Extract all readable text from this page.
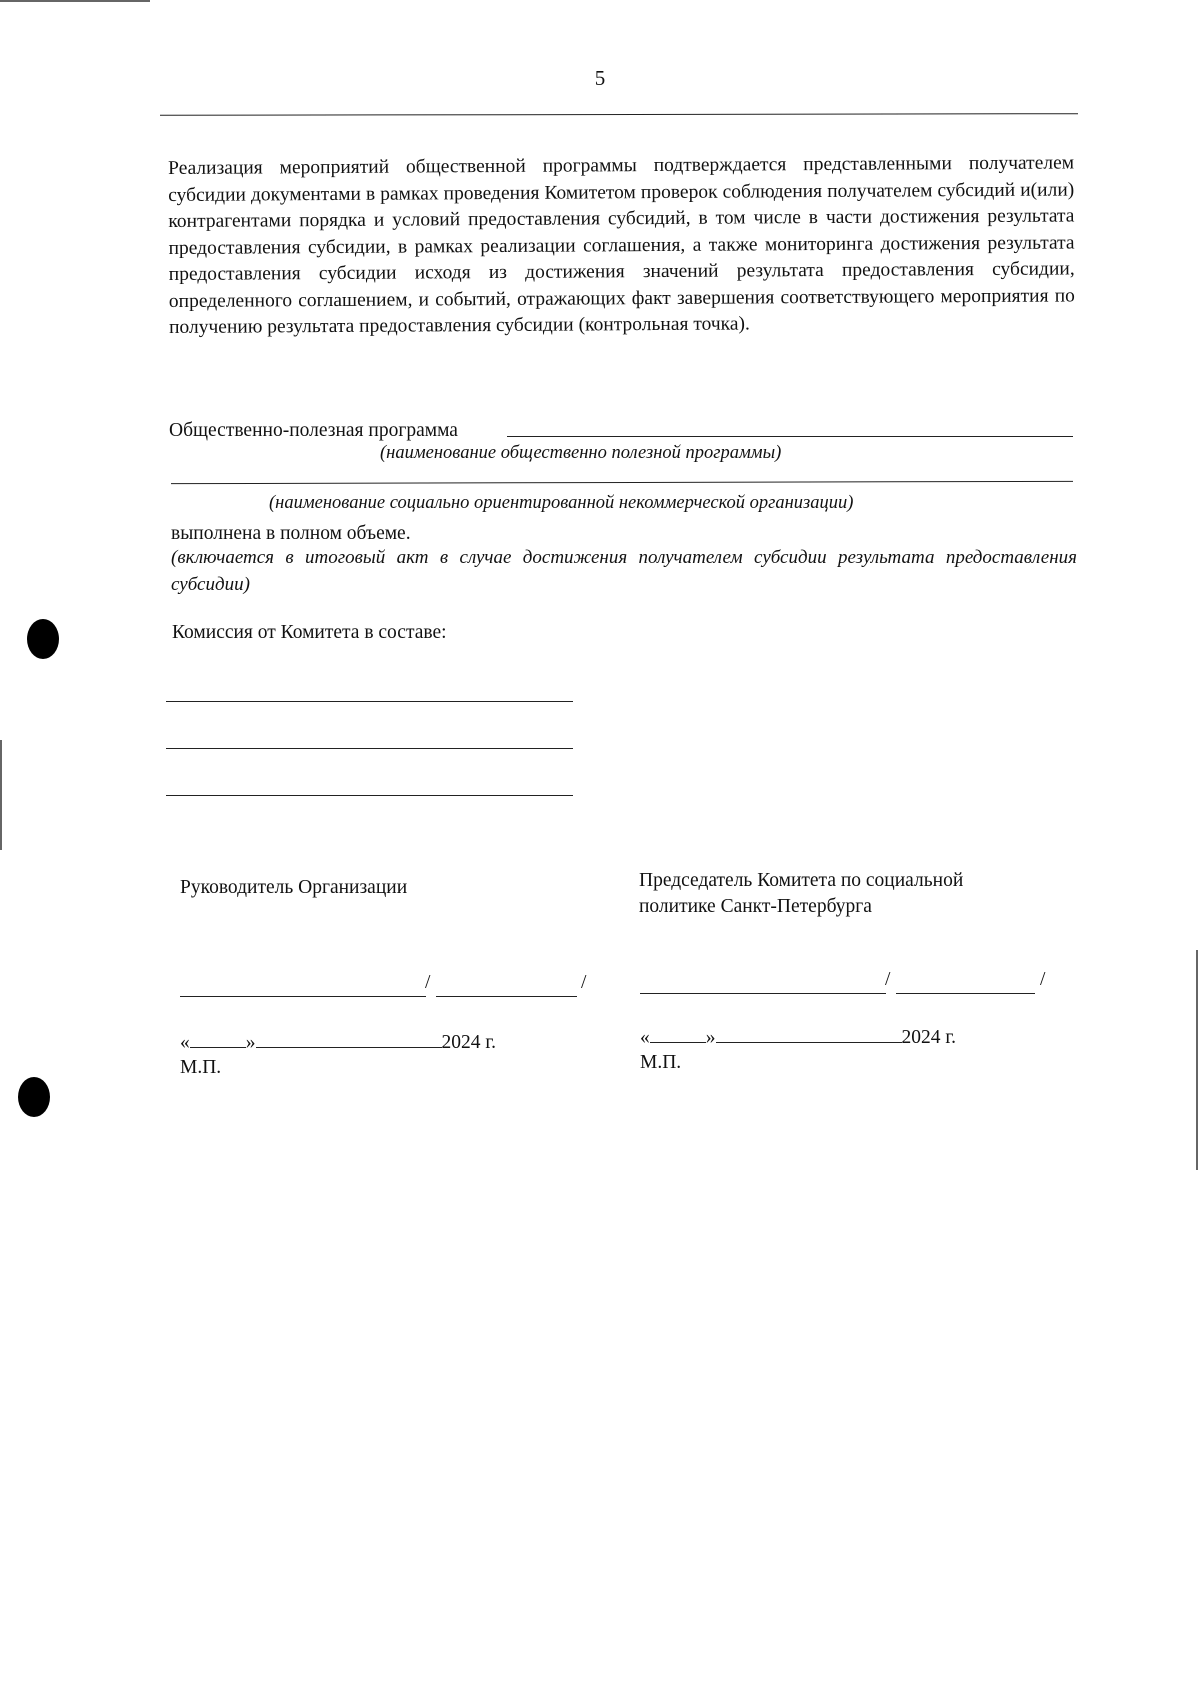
5
Реализация мероприятий общественной программы подтверждается представленными получателем субсидии документами в рамках проведения Комитетом проверок соблюдения получателем субсидий и(или) контрагентами порядка и условий предоставления субсидий, в том числе в части достижения результата предоставления субсидии, в рамках реализации соглашения, а также мониторинга достижения результата предоставления субсидии исходя из достижения значений результата предоставления субсидии, определенного соглашением, и событий, отражающих факт завершения соответствующего мероприятия по получению результата предоставления субсидии (контрольная точка).
Общественно-полезная программа
(наименование общественно полезной программы)
(наименование социально ориентированной некоммерческой организации)
выполнена в полном объеме.
(включается в итоговый акт в случае достижения получателем субсидии результата предоставления субсидии)
Комиссия от Комитета в составе:
Руководитель Организации
/	/
«	»	2024 г.
М.П.
Председатель Комитета по социальной
политике Санкт-Петербурга
/	/
«	»	2024 г.
М.П.
